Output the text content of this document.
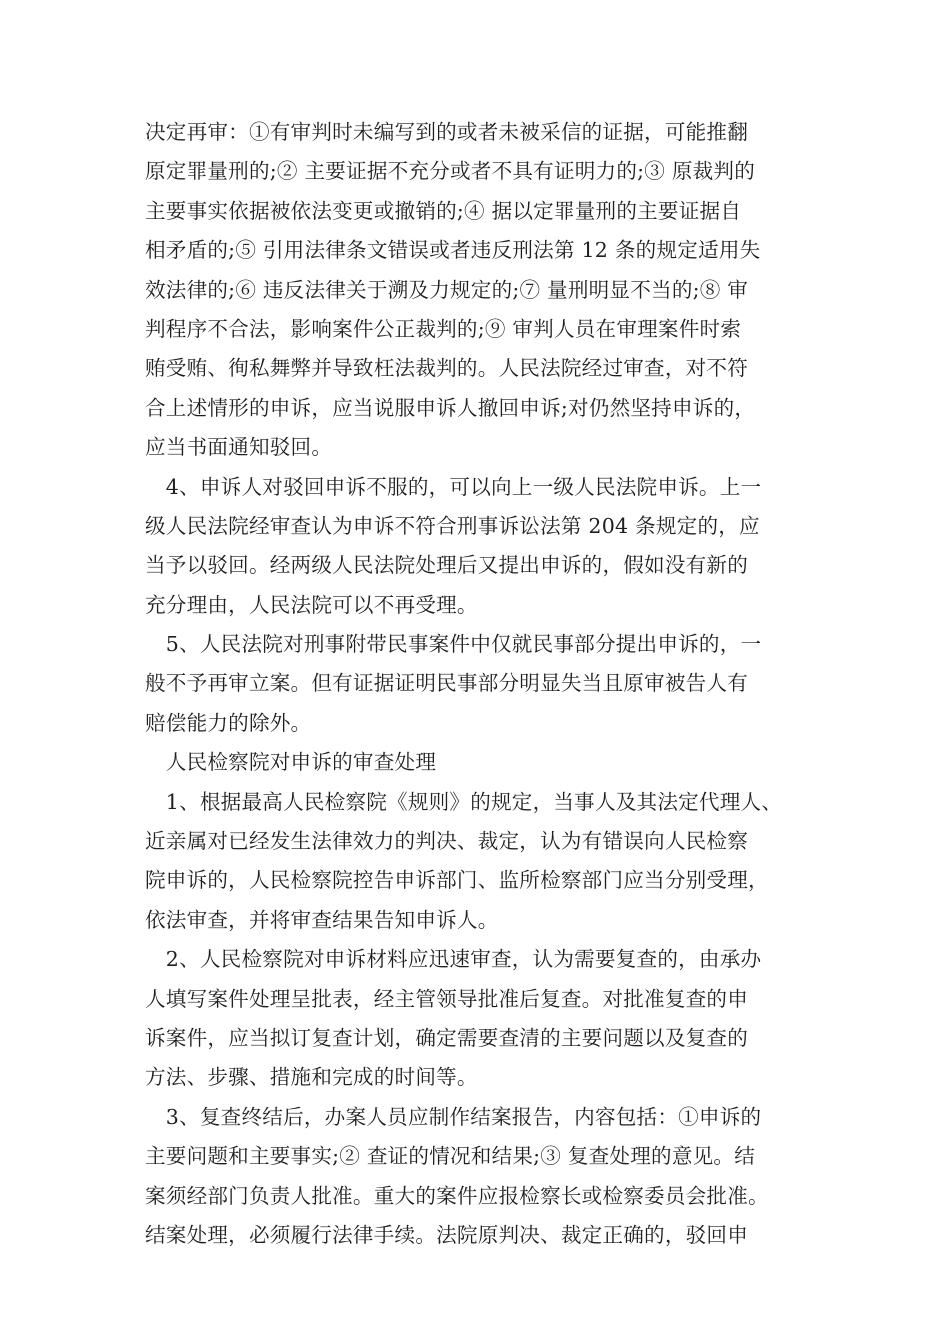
决定再审：①有审判时未编写到的或者未被采信的证据，可能推翻
原定罪量刑的;② 主要证据不充分或者不具有证明力的;③ 原裁判的
主要事实依据被依法变更或撤销的;④ 据以定罪量刑的主要证据自
相矛盾的;⑤ 引用法律条文错误或者违反刑法第 12 条的规定适用失
效法律的;⑥ 违反法律关于溯及力规定的;⑦ 量刑明显不当的;⑧ 审
判程序不合法，影响案件公正裁判的;⑨ 审判人员在审理案件时索
贿受贿、徇私舞弊并导致枉法裁判的。人民法院经过审查，对不符
合上述情形的申诉，应当说服申诉人撤回申诉;对仍然坚持申诉的，
应当书面通知驳回。
　4、申诉人对驳回申诉不服的，可以向上一级人民法院申诉。上一
级人民法院经审查认为申诉不符合刑事诉讼法第 204 条规定的，应
当予以驳回。经两级人民法院处理后又提出申诉的，假如没有新的
充分理由，人民法院可以不再受理。
　5、人民法院对刑事附带民事案件中仅就民事部分提出申诉的，一
般不予再审立案。但有证据证明民事部分明显失当且原审被告人有
赔偿能力的除外。
　人民检察院对申诉的审查处理
　1、根据最高人民检察院《规则》的规定，当事人及其法定代理人、
近亲属对已经发生法律效力的判决、裁定，认为有错误向人民检察
院申诉的，人民检察院控告申诉部门、监所检察部门应当分别受理，
依法审查，并将审查结果告知申诉人。
　2、人民检察院对申诉材料应迅速审查，认为需要复查的，由承办
人填写案件处理呈批表，经主管领导批准后复查。对批准复查的申
诉案件，应当拟订复查计划，确定需要查清的主要问题以及复查的
方法、步骤、措施和完成的时间等。
　3、复查终结后，办案人员应制作结案报告，内容包括：①申诉的
主要问题和主要事实;② 查证的情况和结果;③ 复查处理的意见。结
案须经部门负责人批准。重大的案件应报检察长或检察委员会批准。
结案处理，必须履行法律手续。法院原判决、裁定正确的，驳回申
